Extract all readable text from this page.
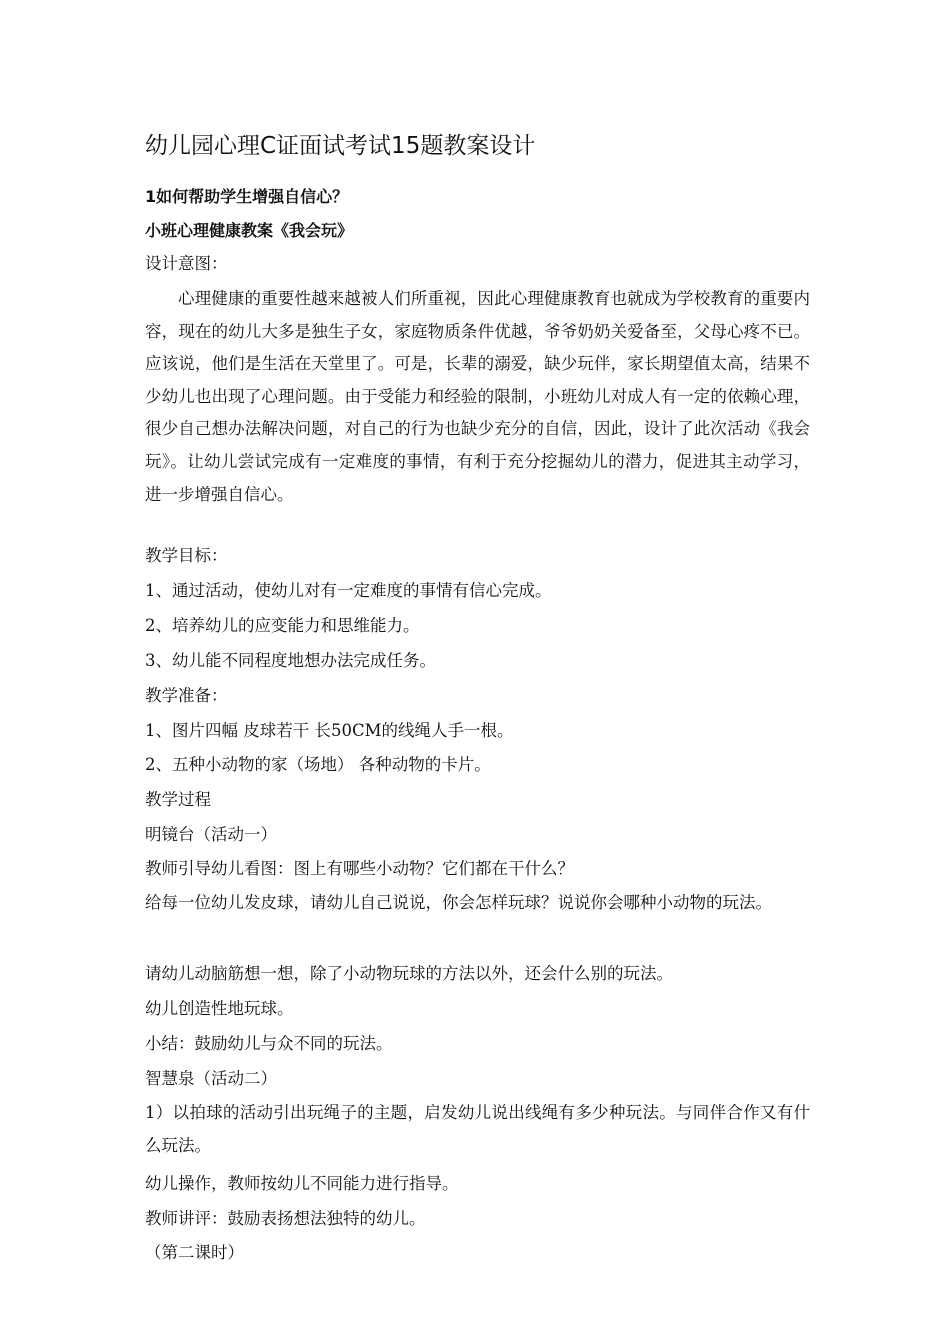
幼儿园心理C证面试考试15题教案设计
1如何帮助学生增强自信心？
小班心理健康教案《我会玩》
设计意图：

心理健康的重要性越来越被人们所重视，因此心理健康教育也就成为学校教育的重要内容，现在的幼儿大多是独生子女，家庭物质条件优越，爷爷奶奶关爱备至，父母心疼不已。应该说，他们是生活在天堂里了。可是，长辈的溺爱，缺少玩伴，家长期望值太高，结果不少幼儿也出现了心理问题。由于受能力和经验的限制，小班幼儿对成人有一定的依赖心理，很少自己想办法解决问题，对自己的行为也缺少充分的自信，因此，设计了此次活动《我会玩》。让幼儿尝试完成有一定难度的事情，有利于充分挖掘幼儿的潜力，促进其主动学习，进一步增强自信心。

教学目标：
1、通过活动，使幼儿对有一定难度的事情有信心完成。
2、培养幼儿的应变能力和思维能力。
3、幼儿能不同程度地想办法完成任务。
教学准备：
1、图片四幅 皮球若干 长50CM的线绳人手一根。
2、五种小动物的家（场地） 各种动物的卡片。
教学过程
明镜台（活动一）
教师引导幼儿看图：图上有哪些小动物？它们都在干什么？

给每一位幼儿发皮球，请幼儿自己说说，你会怎样玩球？说说你会哪种小动物的玩法。

请幼儿动脑筋想一想，除了小动物玩球的方法以外，还会什么别的玩法。
幼儿创造性地玩球。
小结：鼓励幼儿与众不同的玩法。
智慧泉（活动二）

1）以拍球的活动引出玩绳子的主题，启发幼儿说出线绳有多少种玩法。与同伴合作又有什么玩法。

幼儿操作，教师按幼儿不同能力进行指导。
教师讲评：鼓励表扬想法独特的幼儿。
（第二课时）
